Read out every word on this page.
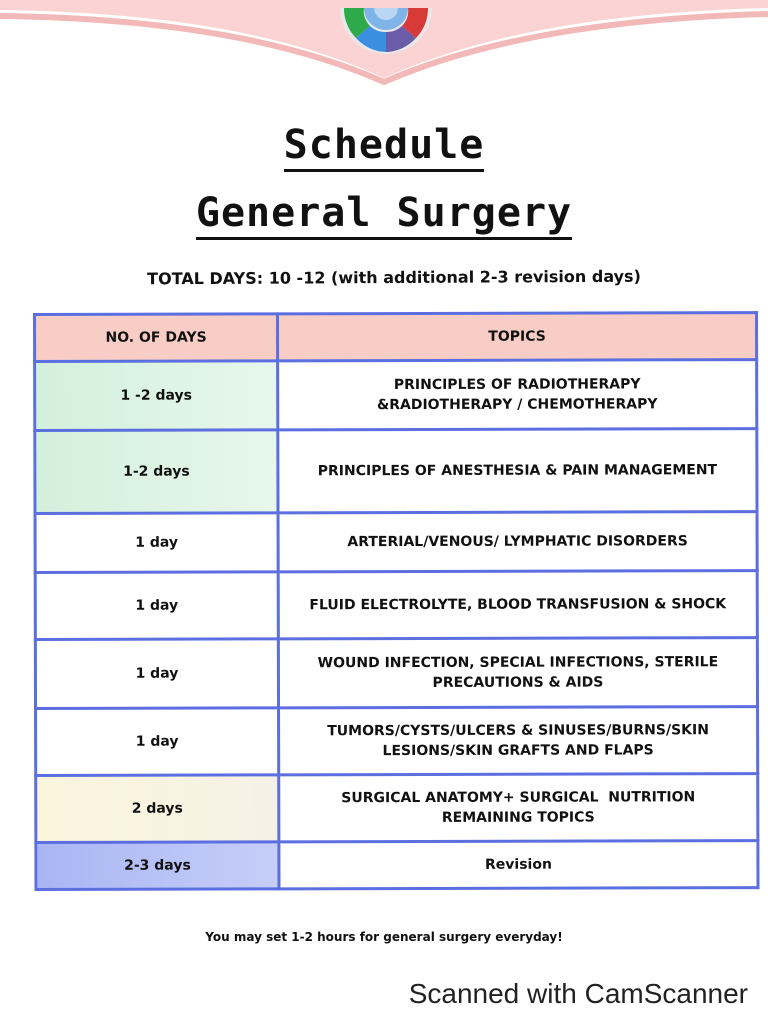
Schedule
General Surgery
TOTAL DAYS: 10 -12 (with additional 2-3 revision days)
NO. OF DAYS	TOPICS
1 -2 days	PRINCIPLES OF RADIOTHERAPY
&RADIOTHERAPY / CHEMOTHERAPY

1-2 days	PRINCIPLES OF ANESTHESIA & PAIN MANAGEMENT

1 day	ARTERIAL/VENOUS/ LYMPHATIC DISORDERS

1 day	FLUID ELECTROLYTE, BLOOD TRANSFUSION & SHOCK

1 day	WOUND INFECTION, SPECIAL INFECTIONS, STERILE
PRECAUTIONS & AIDS

1 day	TUMORS/CYSTS/ULCERS & SINUSES/BURNS/SKIN
LESIONS/SKIN GRAFTS AND FLAPS

2 days	SURGICAL ANATOMY+ SURGICAL  NUTRITION
REMAINING TOPICS

2-3 days	Revision
You may set 1-2 hours for general surgery everyday!
Scanned with CamScanner
